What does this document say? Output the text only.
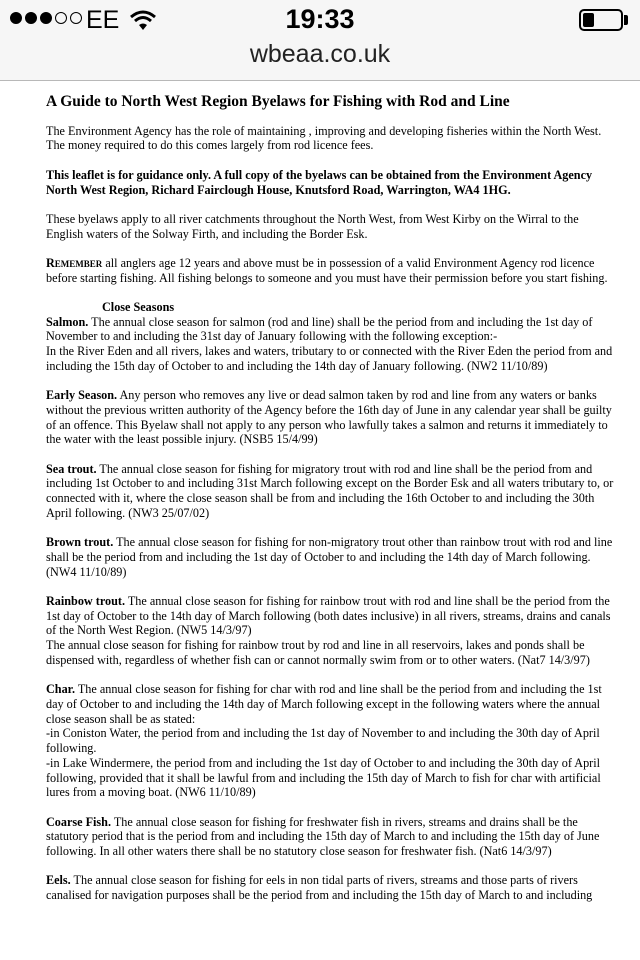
EE	19:33
wbeaa.co.uk
A Guide to North West Region Byelaws for Fishing with Rod and Line

The Environment Agency has the role of maintaining , improving and developing fisheries within the North West. The money required to do this comes largely from rod licence fees.

This leaflet is for guidance only. A full copy of the byelaws can be obtained from the Environment Agency North West Region, Richard Fairclough House, Knutsford Road, Warrington, WA4 1HG.

These byelaws apply to all river catchments throughout the North West, from West Kirby on the Wirral to the English waters of the Solway Firth, and including the Border Esk.

Remember all anglers age 12 years and above must be in possession of a valid Environment Agency rod licence before starting fishing. All fishing belongs to someone and you must have their permission before you start fishing.

Close Seasons
Salmon. The annual close season for salmon (rod and line) shall be the period from and including the 1st day of November to and including the 31st day of January following with the following exception:-
In the River Eden and all rivers, lakes and waters, tributary to or connected with the River Eden the period from and including the 15th day of October to and including the 14th day of January following. (NW2 11/10/89)

Early Season. Any person who removes any live or dead salmon taken by rod and line from any waters or banks without the previous written authority of the Agency before the 16th day of June in any calendar year shall be guilty of an offence. This Byelaw shall not apply to any person who lawfully takes a salmon and returns it immediately to the water with the least possible injury. (NSB5 15/4/99)

Sea trout. The annual close season for fishing for migratory trout with rod and line shall be the period from and including 1st October to and including 31st March following except on the Border Esk and all waters tributary to, or connected with it, where the close season shall be from and including the 16th October to and including the 30th April following. (NW3 25/07/02)

Brown trout. The annual close season for fishing for non-migratory trout other than rainbow trout with rod and line shall be the period from and including the 1st day of October to and including the 14th day of March following. (NW4 11/10/89)

Rainbow trout. The annual close season for fishing for rainbow trout with rod and line shall be the period from the 1st day of October to the 14th day of March following (both dates inclusive) in all rivers, streams, drains and canals of the North West Region. (NW5 14/3/97)
The annual close season for fishing for rainbow trout by rod and line in all reservoirs, lakes and ponds shall be dispensed with, regardless of whether fish can or cannot normally swim from or to other waters. (Nat7 14/3/97)

Char. The annual close season for fishing for char with rod and line shall be the period from and including the 1st day of October to and including the 14th day of March following except in the following waters where the annual close season shall be as stated:
-in Coniston Water, the period from and including the 1st day of November to and including the 30th day of April following.
-in Lake Windermere, the period from and including the 1st day of October to and including the 30th day of April following, provided that it shall be lawful from and including the 15th day of March to fish for char with artificial lures from a moving boat. (NW6 11/10/89)

Coarse Fish. The annual close season for fishing for freshwater fish in rivers, streams and drains shall be the statutory period that is the period from and including the 15th day of March to and including the 15th day of June following. In all other waters there shall be no statutory close season for freshwater fish. (Nat6 14/3/97)

Eels. The annual close season for fishing for eels in non tidal parts of rivers, streams and those parts of rivers canalised for navigation purposes shall be the period from and including the 15th day of March to and including
